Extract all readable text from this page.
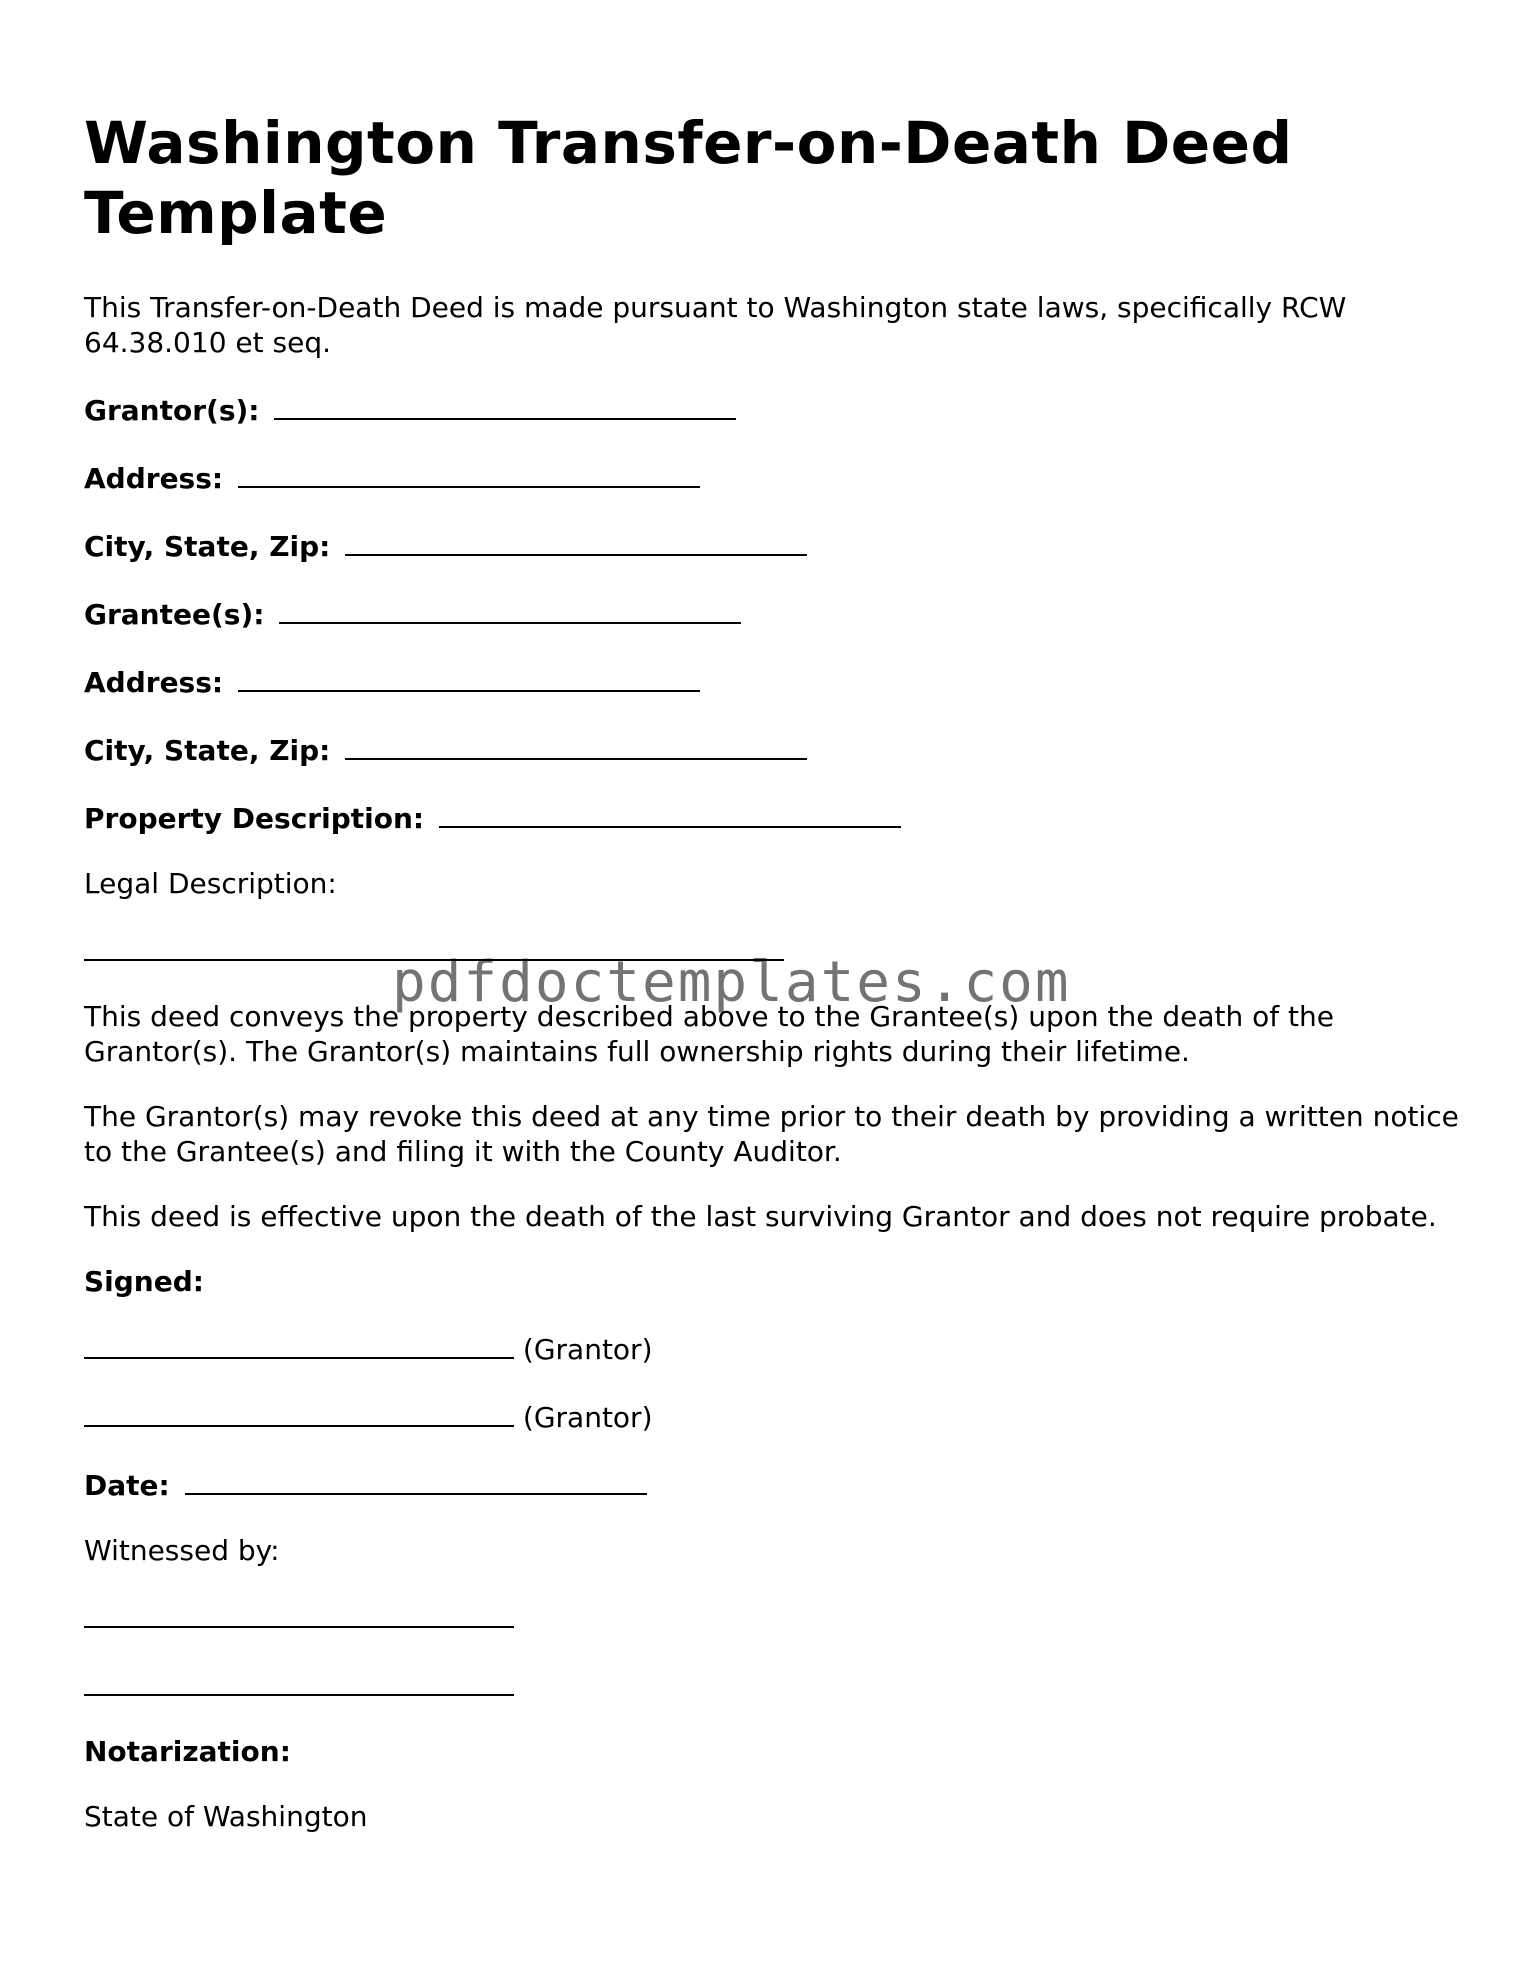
Washington Transfer-on-Death Deed Template

This Transfer-on-Death Deed is made pursuant to Washington state laws, specifically RCW 64.38.010 et seq.

Grantor(s):
Address:
City, State, Zip:
Grantee(s):
Address:
City, State, Zip:
Property Description:
Legal Description:

This deed conveys the property described above to the Grantee(s) upon the death of the Grantor(s). The Grantor(s) maintains full ownership rights during their lifetime.

The Grantor(s) may revoke this deed at any time prior to their death by providing a written notice to the Grantee(s) and filing it with the County Auditor.

This deed is effective upon the death of the last surviving Grantor and does not require probate.

Signed:
(Grantor)
(Grantor)
Date:
Witnessed by:
Notarization:
State of Washington
pdfdoctemplates.com
